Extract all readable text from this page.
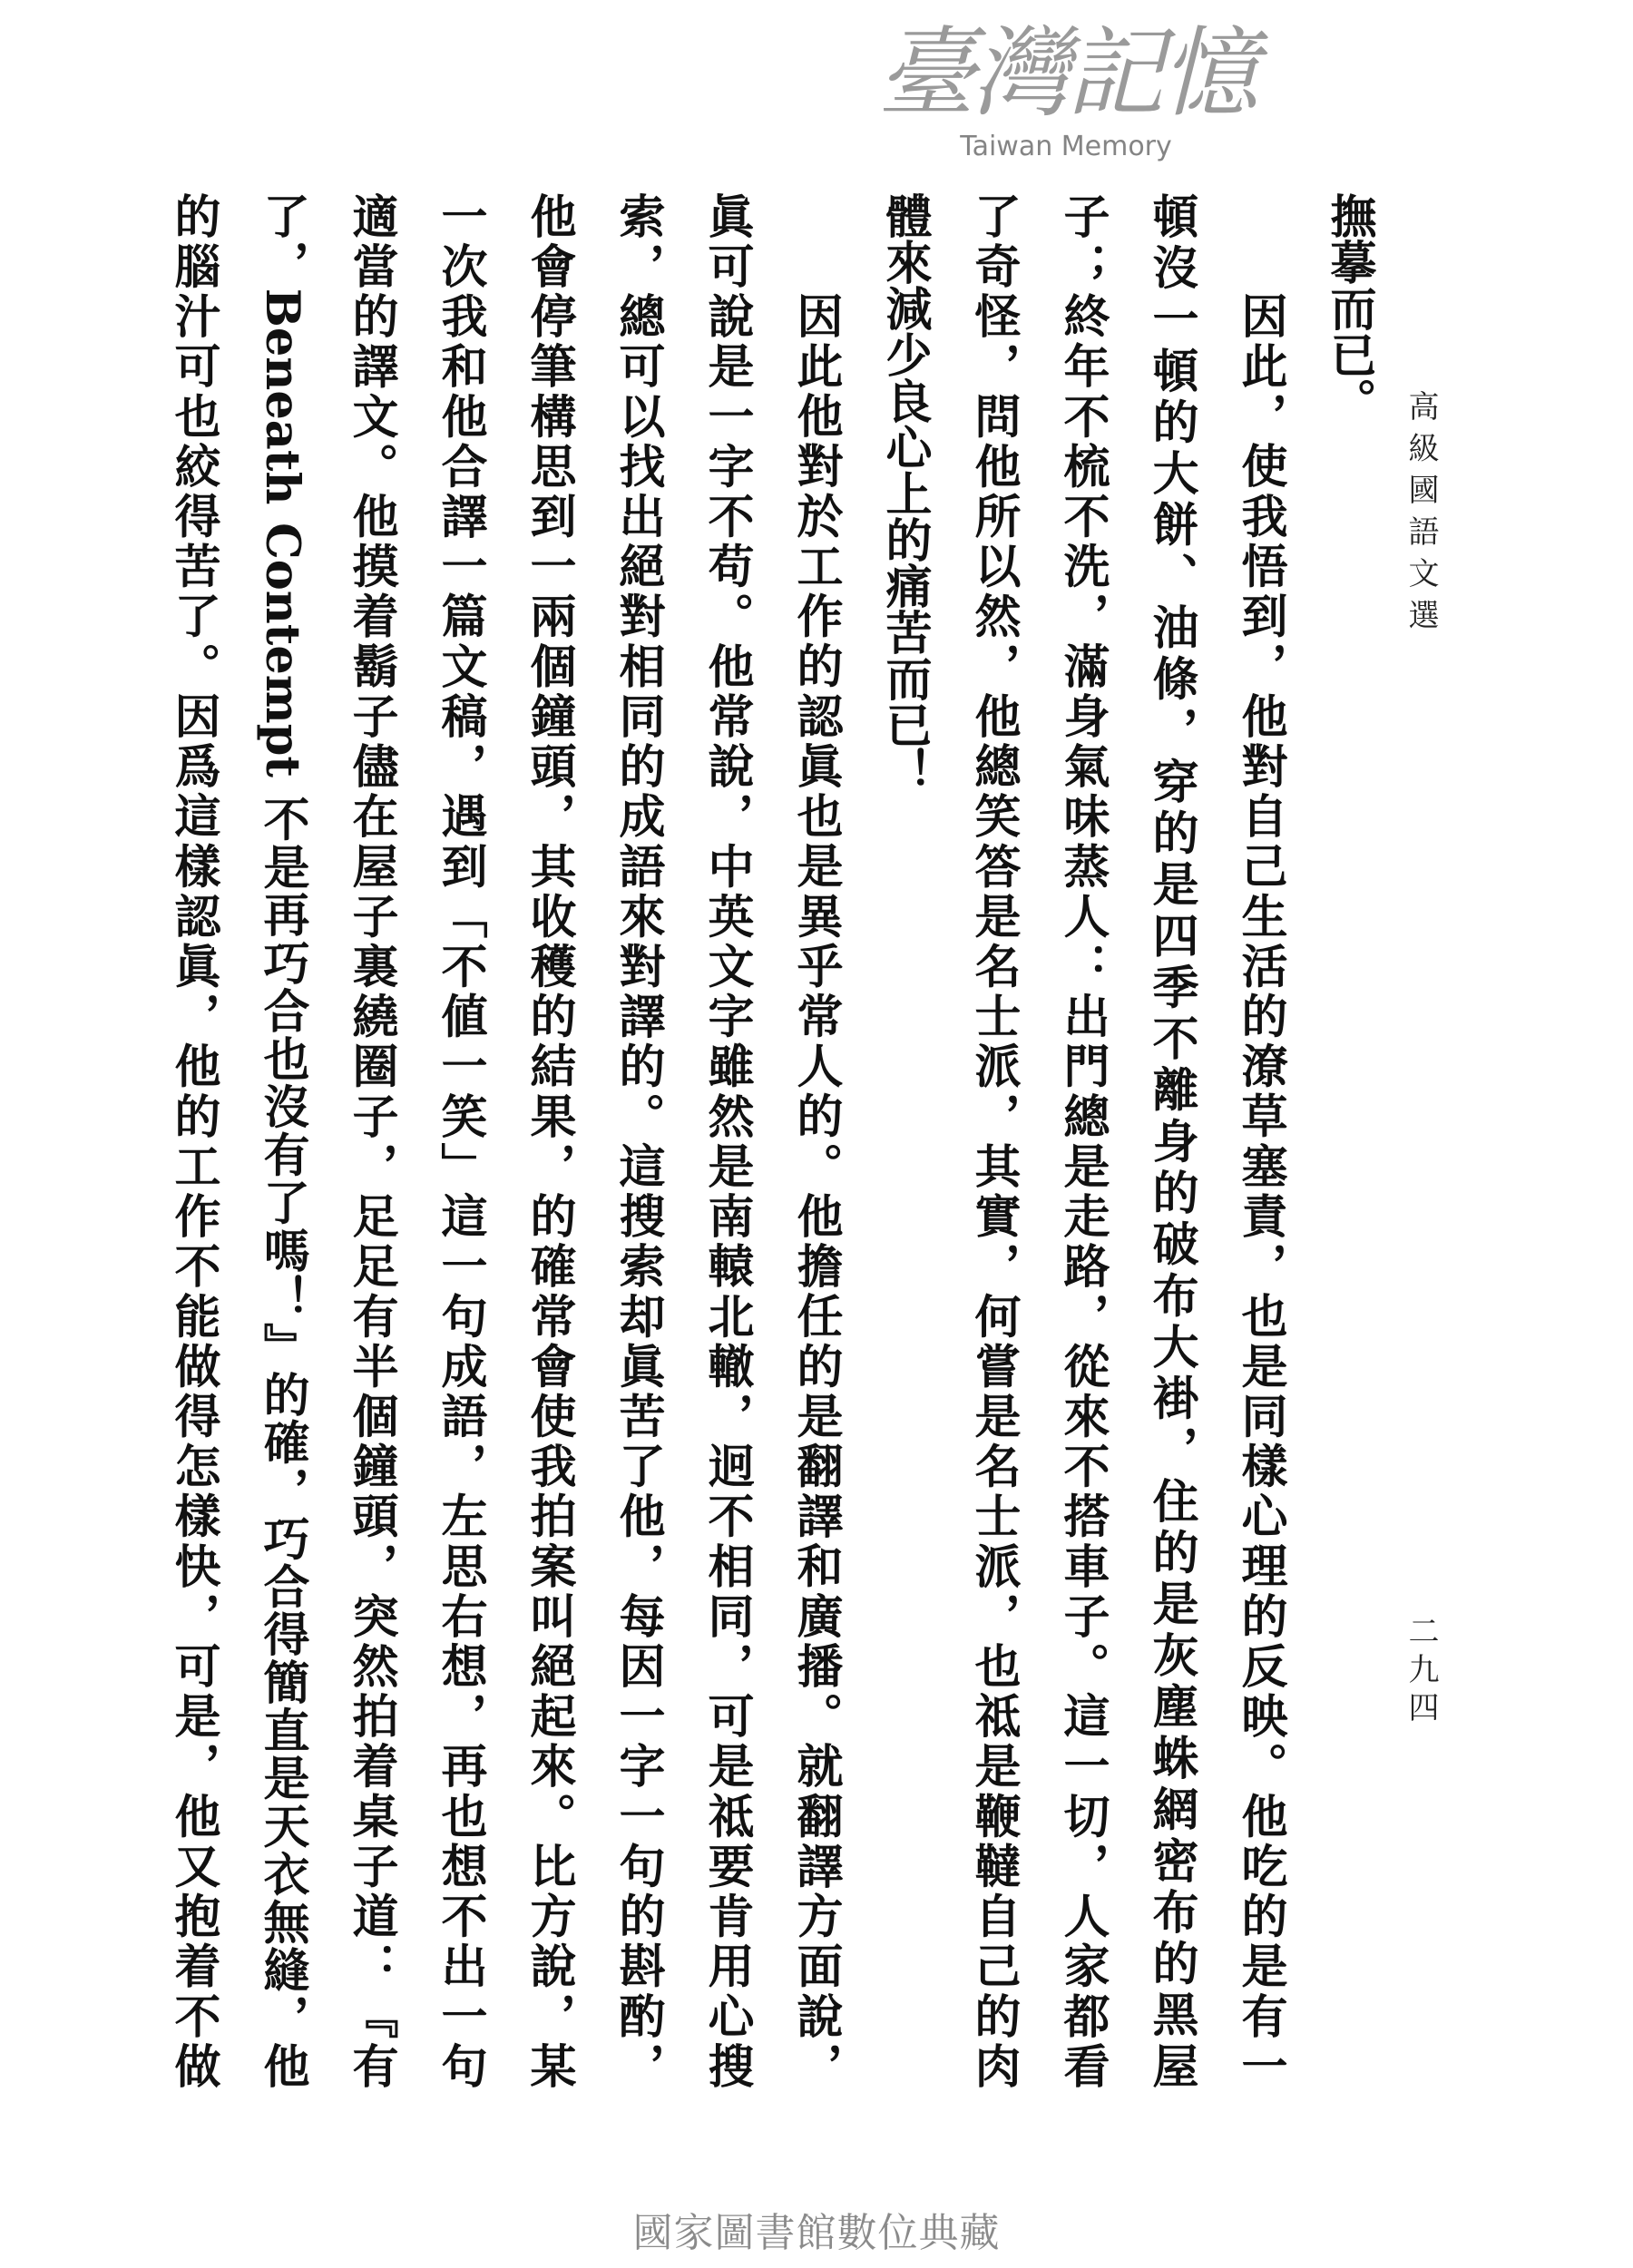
高級國語文選
二九四
撫摹而已。
因此，使我悟到，他對自己生活的潦草塞責，也是同樣心理的反映。他吃的是有一
頓沒一頓的大餅、油條，穿的是四季不離身的破布大褂，住的是灰塵蛛網密布的黑屋
子；終年不梳不洗，滿身氣味蒸人：出門總是走路，從來不搭車子。這一切，人家都看
了奇怪，問他所以然，他總笑答是名士派，其實，何嘗是名士派，也祗是鞭韃自己的肉
體來減少良心上的痛苦而已！
因此他對於工作的認眞也是異乎常人的。他擔任的是翻譯和廣播。就翻譯方面說，
眞可說是一字不苟。他常說，中英文字雖然是南轅北轍，迥不相同，可是祗要肯用心搜
索，總可以找出絕對相同的成語來對譯的。這搜索却眞苦了他，每因一字一句的斟酌，
他會停筆構思到一兩個鐘頭，其收穫的結果，的確常會使我拍案叫絕起來。比方說，某
一次我和他合譯一篇文稿，遇到「不値一笑」這一句成語，左思右想，再也想不出一句
適當的譯文。他摸着鬍子儘在屋子裏繞圈子，足足有半個鐘頭，突然拍着桌子道：『有
了，Beneath Contempt 不是再巧合也沒有了嗎！』的確，巧合得簡直是天衣無縫，他
的腦汁可也絞得苦了。因爲這樣認眞，他的工作不能做得怎樣快，可是，他又抱着不做
臺灣記憶
Taiwan Memory
國家圖書館數位典藏
